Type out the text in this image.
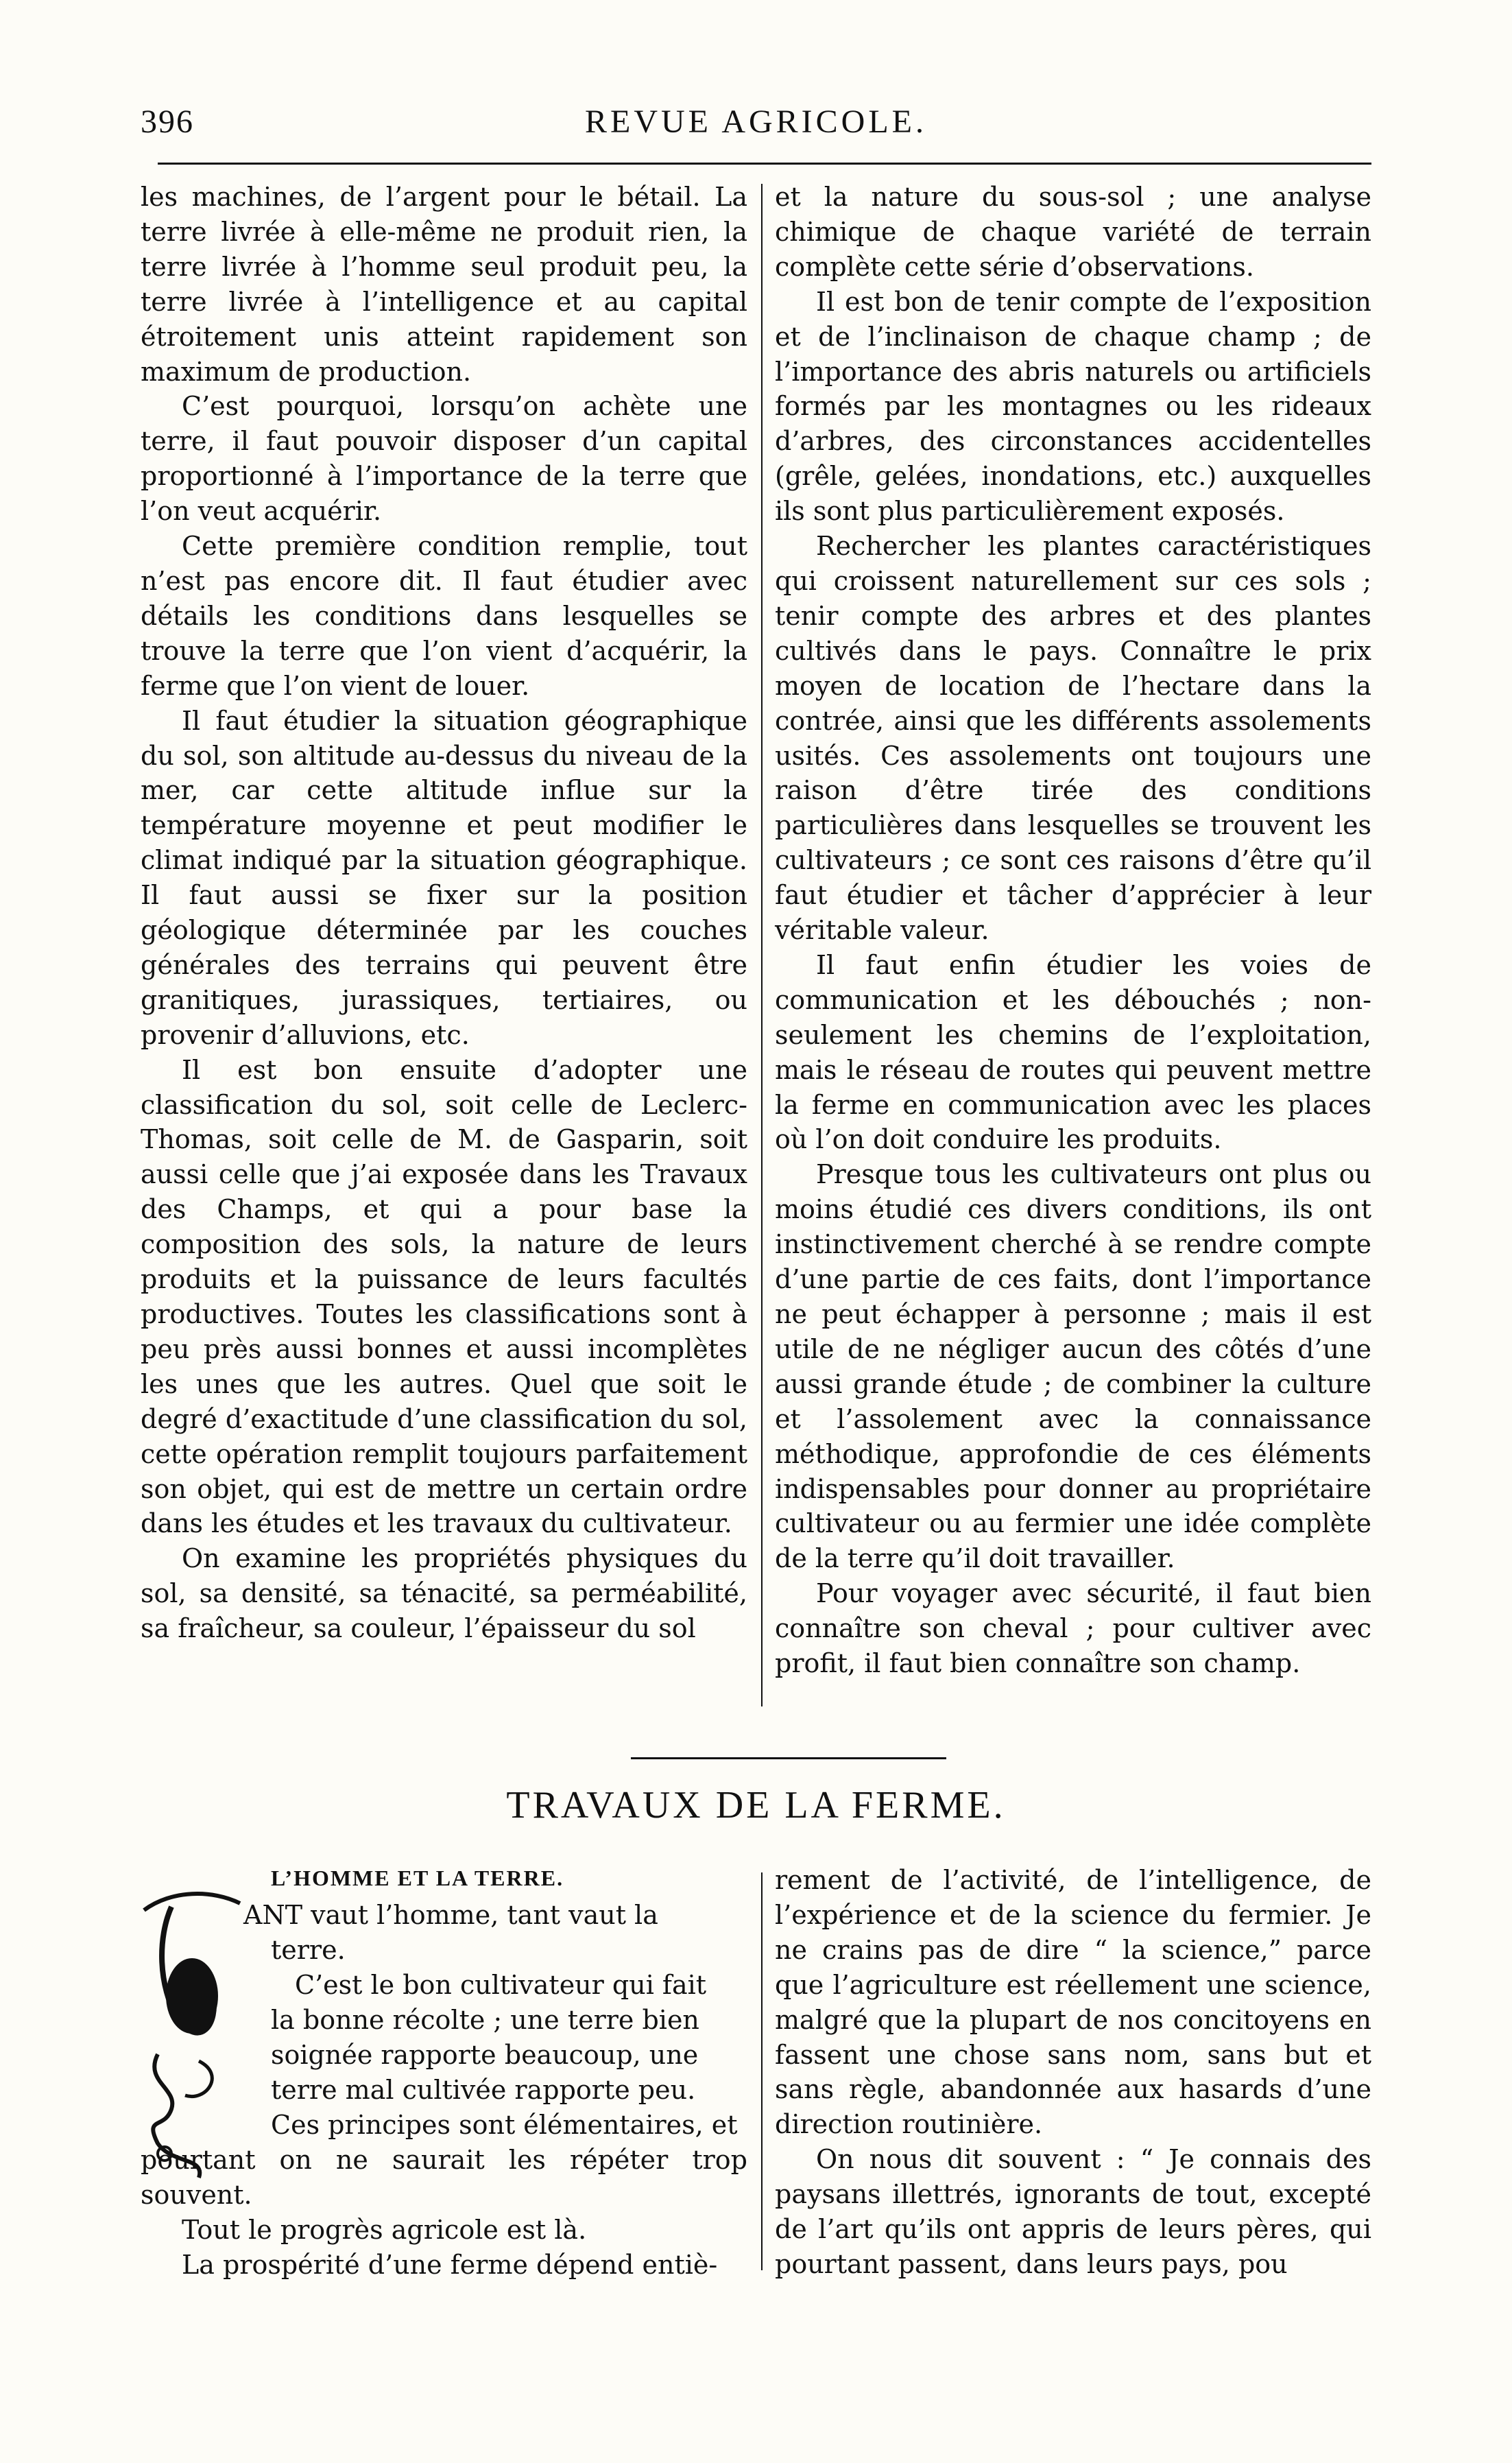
396	REVUE AGRICOLE.

les machines, de l’argent pour le bétail. La terre livrée à elle-même ne produit rien, la terre livrée à l’homme seul produit peu, la terre livrée à l’intelligence et au capital étroitement unis atteint rapidement son maximum de production.

C’est pourquoi, lorsqu’on achète une terre, il faut pouvoir disposer d’un capital proportionné à l’importance de la terre que l’on veut acquérir.

Cette première condition remplie, tout n’est pas encore dit. Il faut étudier avec détails les conditions dans lesquelles se trouve la terre que l’on vient d’acquérir, la ferme que l’on vient de louer.

Il faut étudier la situation géographique du sol, son altitude au-dessus du niveau de la mer, car cette altitude influe sur la température moyenne et peut modifier le climat indiqué par la situation géographique. Il faut aussi se fixer sur la position géologique déterminée par les couches générales des terrains qui peuvent être granitiques, jurassiques, tertiaires, ou provenir d’alluvions, etc.

Il est bon ensuite d’adopter une classification du sol, soit celle de Leclerc-Thomas, soit celle de M. de Gasparin, soit aussi celle que j’ai exposée dans les Travaux des Champs, et qui a pour base la composition des sols, la nature de leurs produits et la puissance de leurs facultés productives. Toutes les classifications sont à peu près aussi bonnes et aussi incomplètes les unes que les autres. Quel que soit le degré d’exactitude d’une classification du sol, cette opération remplit toujours parfaitement son objet, qui est de mettre un certain ordre dans les études et les travaux du cultivateur.

On examine les propriétés physiques du sol, sa densité, sa ténacité, sa perméabilité, sa fraîcheur, sa couleur, l’épaisseur du sol

et la nature du sous-sol ; une analyse chimique de chaque variété de terrain complète cette série d’observations.

Il est bon de tenir compte de l’exposition et de l’inclinaison de chaque champ ; de l’importance des abris naturels ou artificiels formés par les montagnes ou les rideaux d’arbres, des circonstances accidentelles (grêle, gelées, inondations, etc.) auxquelles ils sont plus particulièrement exposés.

Rechercher les plantes caractéristiques qui croissent naturellement sur ces sols ; tenir compte des arbres et des plantes cultivés dans le pays. Connaître le prix moyen de location de l’hectare dans la contrée, ainsi que les différents assolements usités. Ces assolements ont toujours une raison d’être tirée des conditions particulières dans lesquelles se trouvent les cultivateurs ; ce sont ces raisons d’être qu’il faut étudier et tâcher d’apprécier à leur véritable valeur.

Il faut enfin étudier les voies de communication et les débouchés ; non-seulement les chemins de l’exploitation, mais le réseau de routes qui peuvent mettre la ferme en communication avec les places où l’on doit conduire les produits.

Presque tous les cultivateurs ont plus ou moins étudié ces divers conditions, ils ont instinctivement cherché à se rendre compte d’une partie de ces faits, dont l’importance ne peut échapper à personne ; mais il est utile de ne négliger aucun des côtés d’une aussi grande étude ; de combiner la culture et l’assolement avec la connaissance méthodique, approfondie de ces éléments indispensables pour donner au propriétaire cultivateur ou au fermier une idée complète de la terre qu’il doit travailler.

Pour voyager avec sécurité, il faut bien connaître son cheval ; pour cultiver avec profit, il faut bien connaître son champ.

TRAVAUX DE LA FERME.
L’HOMME ET LA TERRE.
ANT vaut l’homme, tant vaut la
terre.
C’est le bon cultivateur qui fait
la bonne récolte ; une terre bien
soignée rapporte beaucoup, une
terre mal cultivée rapporte peu.
Ces principes sont élémentaires, et

pourtant on ne saurait les répéter trop souvent.

Tout le progrès agricole est là.

La prospérité d’une ferme dépend entiè-

rement de l’activité, de l’intelligence, de l’expérience et de la science du fermier. Je ne crains pas de dire “ la science,” parce que l’agriculture est réellement une science, malgré que la plupart de nos concitoyens en fassent une chose sans nom, sans but et sans règle, abandonnée aux hasards d’une direction routinière.

On nous dit souvent : “ Je connais des paysans illettrés, ignorants de tout, excepté de l’art qu’ils ont appris de leurs pères, qui pourtant passent, dans leurs pays, pou
